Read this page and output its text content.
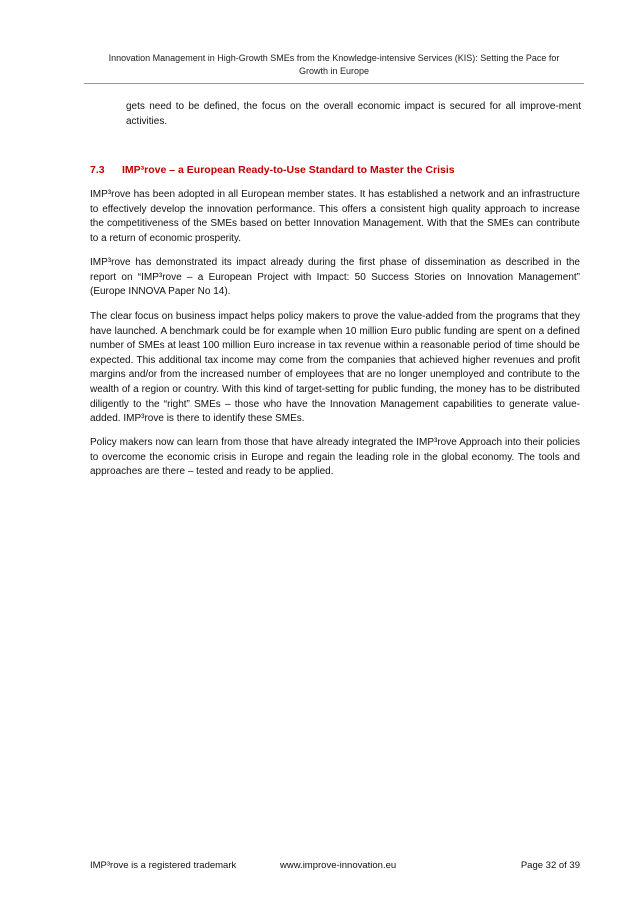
Innovation Management in High-Growth SMEs from the Knowledge-intensive Services (KIS): Setting the Pace for
Growth in Europe
gets need to be defined, the focus on the overall economic impact is secured for all improve-ment activities.
7.3 IMP³rove – a European Ready-to-Use Standard to Master the Crisis

IMP³rove has been adopted in all European member states. It has established a network and an infrastructure to effectively develop the innovation performance. This offers a consistent high quality approach to increase the competitiveness of the SMEs based on better Innovation Management. With that the SMEs can contribute to a return of economic prosperity.

IMP³rove has demonstrated its impact already during the first phase of dissemination as described in the report on “IMP³rove – a European Project with Impact: 50 Success Stories on Innovation Management” (Europe INNOVA Paper No 14).

The clear focus on business impact helps policy makers to prove the value-added from the programs that they have launched. A benchmark could be for example when 10 million Euro public funding are spent on a defined number of SMEs at least 100 million Euro increase in tax revenue within a reasonable period of time should be expected. This additional tax income may come from the companies that achieved higher revenues and profit margins and/or from the increased number of employees that are no longer unemployed and contribute to the wealth of a region or country. With this kind of target-setting for public funding, the money has to be distributed diligently to the “right” SMEs – those who have the Innovation Management capabilities to generate value-added. IMP³rove is there to identify these SMEs.

Policy makers now can learn from those that have already integrated the IMP³rove Approach into their policies to overcome the economic crisis in Europe and regain the leading role in the global economy. The tools and approaches are there – tested and ready to be applied.

IMP³rove is a registered trademark	www.improve-innovation.eu	Page 32 of 39
